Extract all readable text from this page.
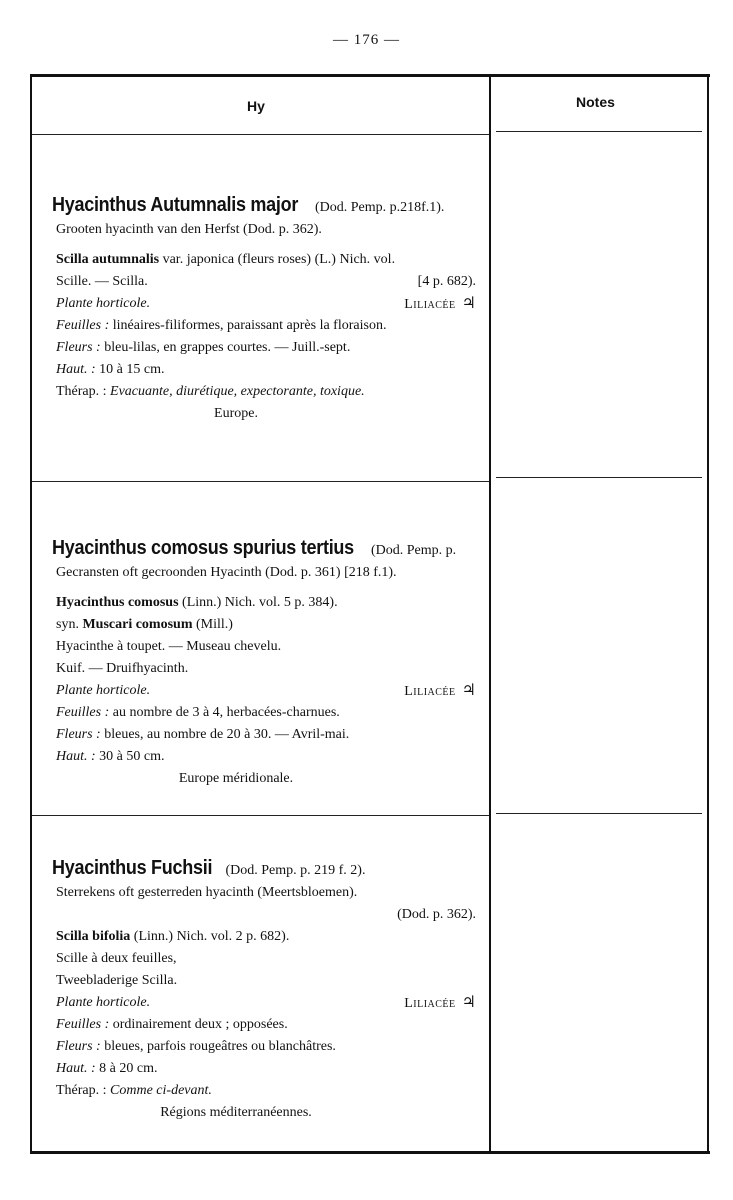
— 176 —
Hy	Notes
Hyacinthus Autumnalis major (Dod. Pemp. p.218f.1).
Grooten hyacinth van den Herfst (Dod. p. 362).
Scilla autumnalis var. japonica (fleurs roses) (L.) Nich. vol.
Scille. — Scilla.	[4 p. 682).
Plante horticole.	Liliacée ♃
Feuilles : linéaires-filiformes, paraissant après la floraison.
Fleurs : bleu-lilas, en grappes courtes. — Juill.-sept.
Haut. : 10 à 15 cm.
Thérap. : Evacuante, diurétique, expectorante, toxique.
Europe.
Hyacinthus comosus spurius tertius (Dod. Pemp. p.
Gecransten oft gecroonden Hyacinth (Dod. p. 361) [218 f.1).
Hyacinthus comosus (Linn.) Nich. vol. 5 p. 384).
syn. Muscari comosum (Mill.)
Hyacinthe à toupet. — Museau chevelu.
Kuif. — Druifhyacinth.
Plante horticole.	Liliacée ♃
Feuilles : au nombre de 3 à 4, herbacées-charnues.
Fleurs : bleues, au nombre de 20 à 30. — Avril-mai.
Haut. : 30 à 50 cm.
Europe méridionale.
Hyacinthus Fuchsii (Dod. Pemp. p. 219 f. 2).
Sterrekens oft gesterreden hyacinth (Meertsbloemen).
(Dod. p. 362).

Scilla bifolia (Linn.) Nich. vol. 2 p. 682).
Scille à deux feuilles,
Tweebladerige Scilla.
Plante horticole.	Liliacée ♃
Feuilles : ordinairement deux ; opposées.
Fleurs : bleues, parfois rougeâtres ou blanchâtres.
Haut. : 8 à 20 cm.
Thérap. : Comme ci-devant.
Régions méditerranéennes.
